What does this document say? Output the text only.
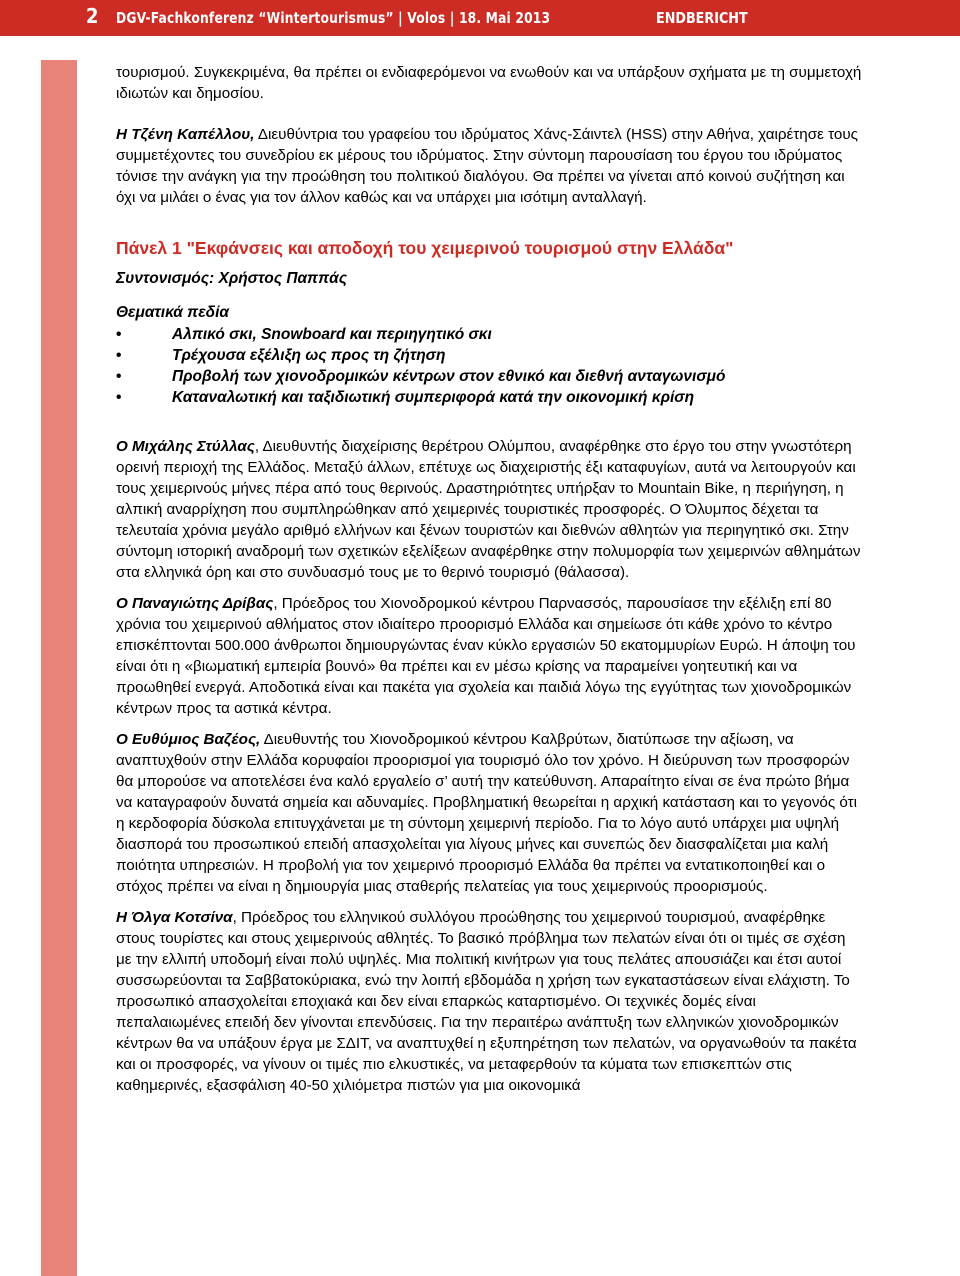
2 DGV-Fachkonferenz “Wintertourismus” | Volos | 18. Mai 2013	ENDBERICHT

τουρισμού. Συγκεκριμένα, θα πρέπει οι ενδιαφερόμενοι να ενωθούν και να υπάρξουν σχήματα με τη συμμετοχή ιδιωτών και δημοσίου.

Η Τζένη Καπέλλου, Διευθύντρια του γραφείου του ιδρύματος Χάνς-Σάιντελ (HSS) στην Αθήνα, χαιρέτησε τους συμμετέχοντες του συνεδρίου εκ μέρους του ιδρύματος. Στην σύντομη παρουσίαση του έργου του ιδρύματος τόνισε την ανάγκη για την προώθηση του πολιτικού διαλόγου. Θα πρέπει να γίνεται από κοινού συζήτηση και όχι να μιλάει ο ένας για τον άλλον καθώς και να υπάρχει μια ισότιμη ανταλλαγή.

Πάνελ 1 "Εκφάνσεις και αποδοχή του χειμερινού τουρισμού στην Ελλάδα"
Συντονισμός: Χρήστος Παππάς
Θεματικά πεδία
•	Αλπικό σκι, Snowboard και περιηγητικό σκι
•	Τρέχουσα εξέλιξη ως προς τη ζήτηση
•	Προβολή των χιονοδρομικών κέντρων στον εθνικό και διεθνή ανταγωνισμό
•	Καταναλωτική και ταξιδιωτική συμπεριφορά κατά την οικονομική κρίση

Ο Μιχάλης Στύλλας, Διευθυντής διαχείρισης θερέτρου Ολύμπου, αναφέρθηκε στο έργο του στην γνωστότερη ορεινή περιοχή της Ελλάδος. Μεταξύ άλλων, επέτυχε ως διαχειριστής έξι καταφυγίων, αυτά να λειτουργούν και τους χειμερινούς μήνες πέρα από τους θερινούς. Δραστηριότητες υπήρξαν το Mountain Bike, η περιήγηση, η αλπική αναρρίχηση που συμπληρώθηκαν από χειμερινές τουριστικές προσφορές. Ο Όλυμπος δέχεται τα τελευταία χρόνια μεγάλο αριθμό ελλήνων και ξένων τουριστών και διεθνών αθλητών για περιηγητικό σκι. Στην σύντομη ιστορική αναδρομή των σχετικών εξελίξεων αναφέρθηκε στην πολυμορφία των χειμερινών αθλημάτων στα ελληνικά όρη και στο συνδυασμό τους με το θερινό τουρισμό (θάλασσα).

Ο Παναγιώτης Δρίβας, Πρόεδρος του Χιονοδρομκού κέντρου Παρνασσός, παρουσίασε την εξέλιξη επί 80 χρόνια του χειμερινού αθλήματος στον ιδιαίτερο προορισμό Ελλάδα και σημείωσε ότι κάθε χρόνο το κέντρο επισκέπτονται 500.000 άνθρωποι δημιουργώντας έναν κύκλο εργασιών 50 εκατομμυρίων Ευρώ. Η άποψη του είναι ότι η «βιωματική εμπειρία βουνό» θα πρέπει και εν μέσω κρίσης να παραμείνει γοητευτική και να προωθηθεί ενεργά. Αποδοτικά είναι και πακέτα για σχολεία και παιδιά λόγω της εγγύτητας των χιονοδρομικών κέντρων προς τα αστικά κέντρα.

Ο Ευθύμιος Βαζέος, Διευθυντής του Χιονοδρομικού κέντρου Καλβρύτων, διατύπωσε την αξίωση, να αναπτυχθούν στην Ελλάδα κορυφαίοι προορισμοί για τουρισμό όλο τον χρόνο. Η διεύρυνση των προσφορών θα μπορούσε να αποτελέσει ένα καλό εργαλείο σ’ αυτή την κατεύθυνση. Απαραίτητο είναι σε ένα πρώτο βήμα να καταγραφούν δυνατά σημεία και αδυναμίες. Προβληματική θεωρείται η αρχική κατάσταση και το γεγονός ότι η κερδοφορία δύσκολα επιτυγχάνεται με τη σύντομη χειμερινή περίοδο. Για το λόγο αυτό υπάρχει μια υψηλή διασπορά του προσωπικού επειδή απασχολείται για λίγους μήνες και συνεπώς δεν διασφαλίζεται μια καλή ποιότητα υπηρεσιών. Η προβολή για τον χειμερινό προορισμό Ελλάδα θα πρέπει να εντατικοποιηθεί και ο στόχος πρέπει να είναι η δημιουργία μιας σταθερής πελατείας για τους χειμερινούς προορισμούς.

Η Όλγα Κοτσίνα, Πρόεδρος του ελληνικού συλλόγου προώθησης του χειμερινού τουρισμού, αναφέρθηκε στους τουρίστες και στους χειμερινούς αθλητές. Το βασικό πρόβλημα των πελατών είναι ότι οι τιμές σε σχέση με την ελλιπή υποδομή είναι πολύ υψηλές. Μια πολιτική κινήτρων για τους πελάτες απουσιάζει και έτσι αυτοί συσσωρεύονται τα Σαββατοκύριακα, ενώ την λοιπή εβδομάδα η χρήση των εγκαταστάσεων είναι ελάχιστη. Το προσωπικό απασχολείται εποχιακά και δεν είναι επαρκώς καταρτισμένο. Οι τεχνικές δομές είναι πεπαλαιωμένες επειδή δεν γίνονται επενδύσεις. Για την περαιτέρω ανάπτυξη των ελληνικών χιονοδρομικών κέντρων θα να υπάξουν έργα με ΣΔΙΤ, να αναπτυχθεί η εξυπηρέτηση των πελατών, να οργανωθούν τα πακέτα και οι προσφορές, να γίνουν οι τιμές πιο ελκυστικές, να μεταφερθούν τα κύματα των επισκεπτών στις καθημερινές, εξασφάλιση 40-50 χιλιόμετρα πιστών για μια οικονομικά
